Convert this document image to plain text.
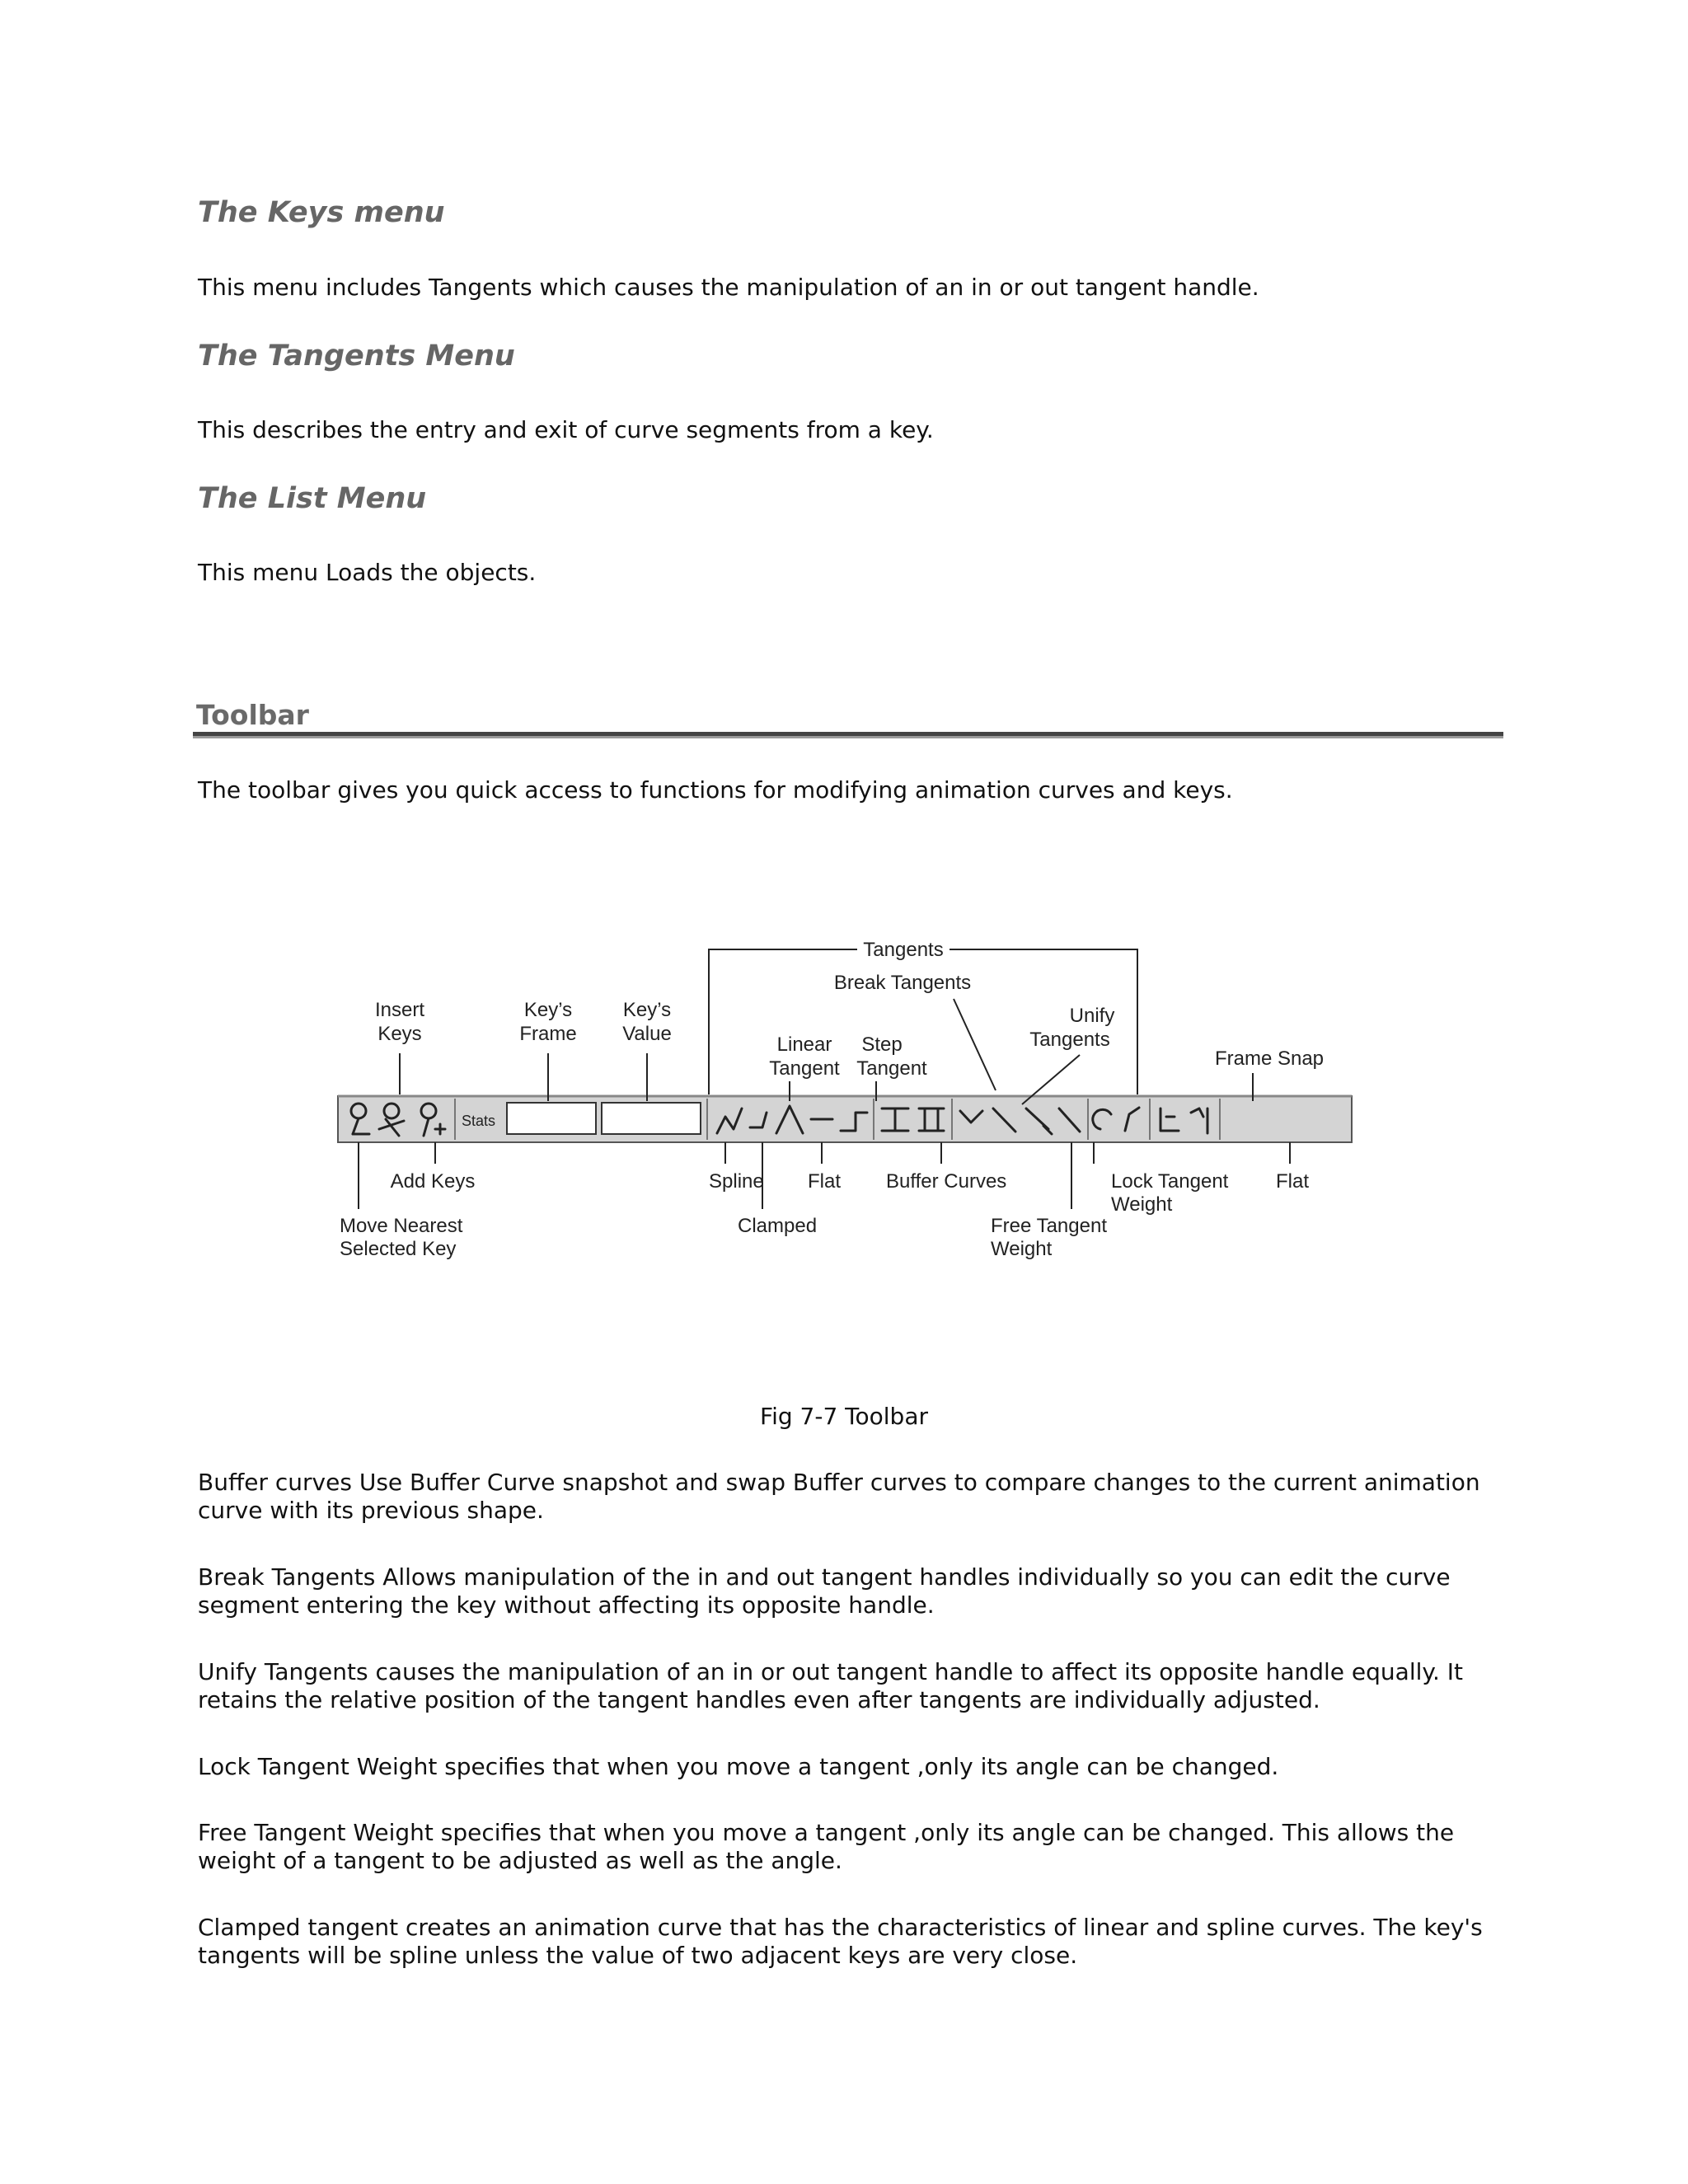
The Keys menu

This menu includes Tangents which causes the manipulation of an in or out tangent handle.

The Tangents Menu

This describes the entry and exit of curve segments from a key.

The List Menu

This menu Loads the objects.

Toolbar

The toolbar gives you quick access to functions for modifying animation curves and keys.

Stats
Tangents
Break Tangents
Insert
Keys
Key’s
Frame
Key’s
Value	Linear
Tangent
Step
Tangent
Unify
Tangents
Frame Snap
Add Keys
Move Nearest
Selected Key
Spline
Clamped
Flat Buffer Curves
Free Tangent
Weight
Lock Tangent
Weight
Flat

Fig 7-7 Toolbar

Buffer curves Use Buffer Curve snapshot and swap Buffer curves to compare changes to the current animation curve with its previous shape.

Break Tangents Allows manipulation of the in and out tangent handles individually so you can edit the curve segment entering the key without affecting its opposite handle.

Unify Tangents causes the manipulation of an in or out tangent handle to affect its opposite handle equally. It retains the relative position of the tangent handles even after tangents are individually adjusted.

Lock Tangent Weight specifies that when you move a tangent ,only its angle can be changed.

Free Tangent Weight specifies that when you move a tangent ,only its angle can be changed. This allows the weight of a tangent to be adjusted as well as the angle.

Clamped tangent creates an animation curve that has the characteristics of linear and spline curves. The key's tangents will be spline unless the value of two adjacent keys are very close.
